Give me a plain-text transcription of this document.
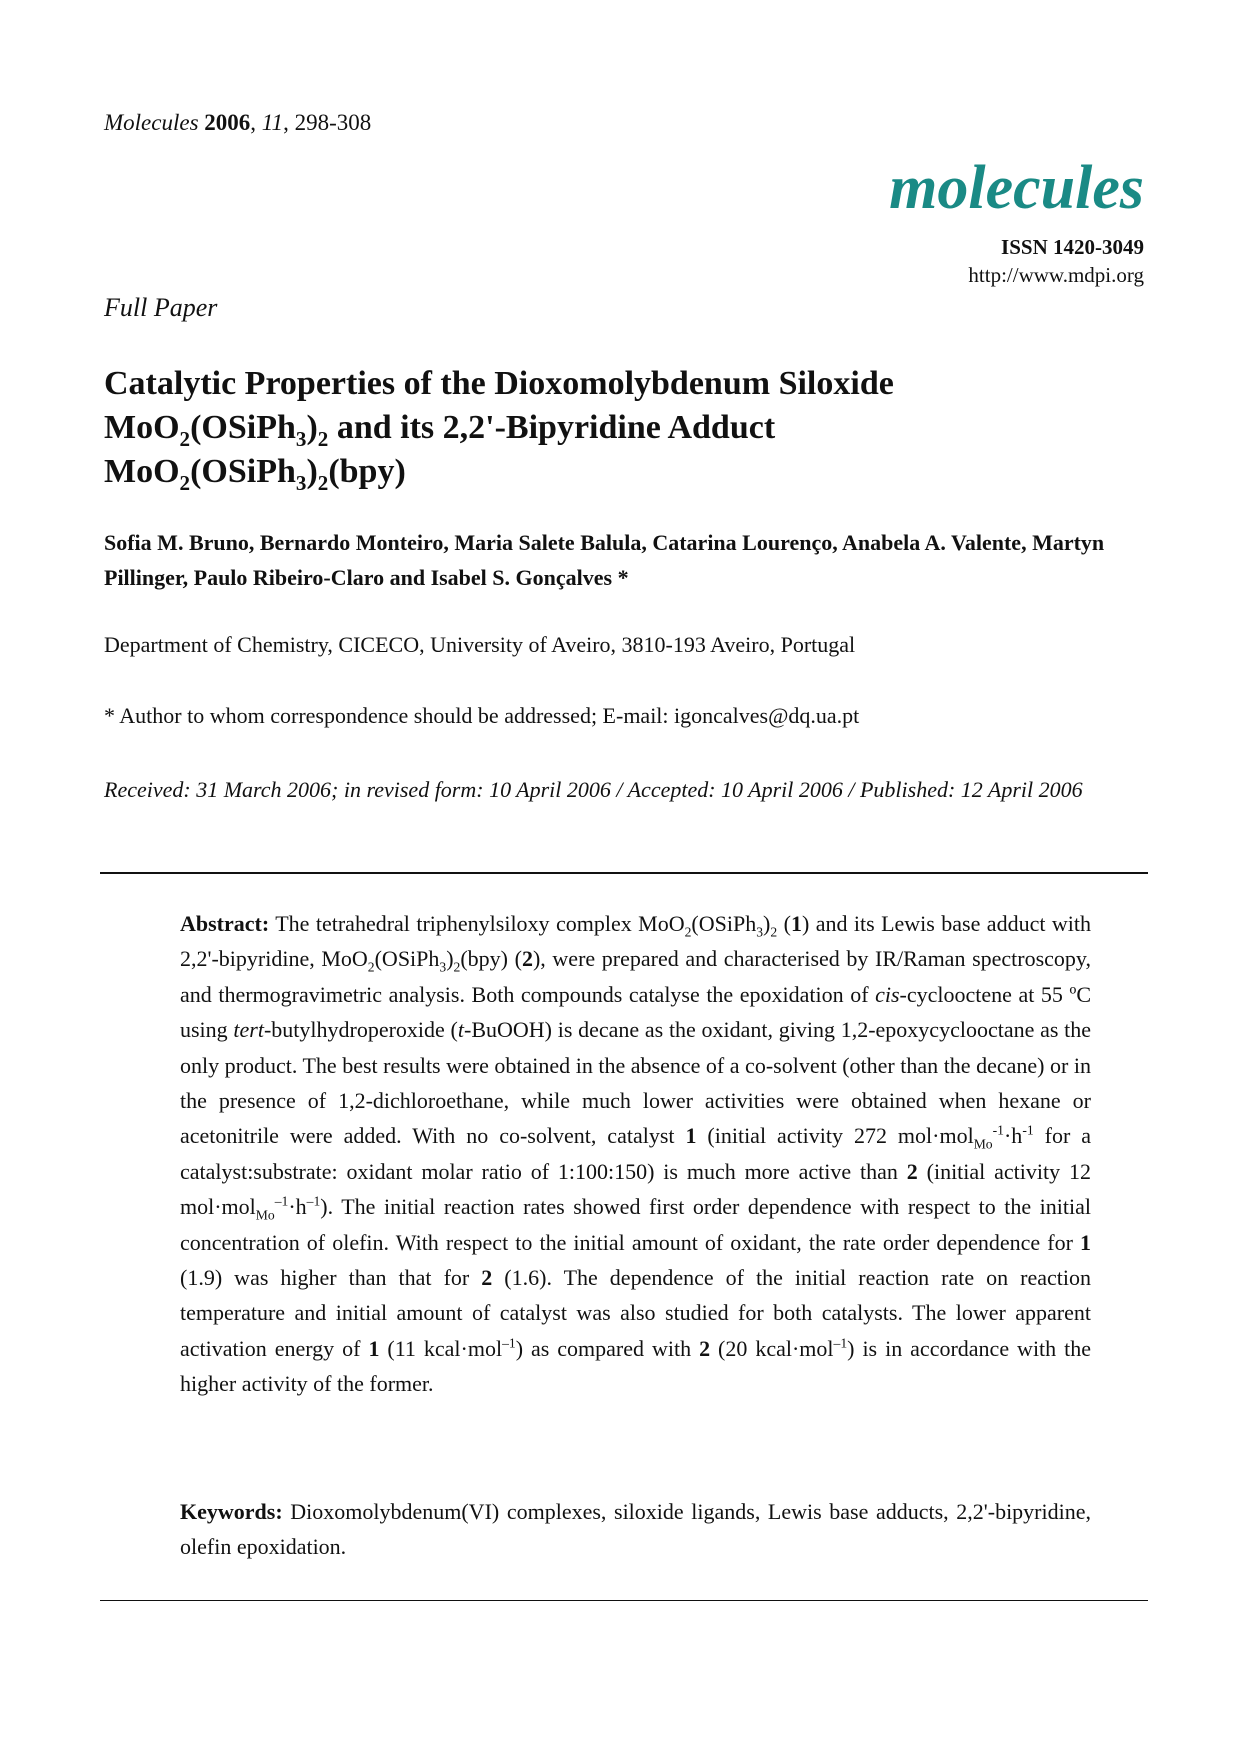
Molecules 2006, 11, 298-308
molecules
ISSN 1420-3049
http://www.mdpi.org
Full Paper
Catalytic Properties of the Dioxomolybdenum Siloxide
$MoO_2(OSiPh_3)_2$ and its 2,2'-Bipyridine Adduct
$MoO_2(OSiPh_3)_2(bpy)$
Sofia M. Bruno, Bernardo Monteiro, Maria Salete Balula, Catarina Lourenço, Anabela A. Valente, Martyn Pillinger, Paulo Ribeiro-Claro and Isabel S. Gonçalves *
Department of Chemistry, CICECO, University of Aveiro, 3810-193 Aveiro, Portugal
* Author to whom correspondence should be addressed; E-mail: igoncalves@dq.ua.pt
Received: 31 March 2006; in revised form: 10 April 2006 / Accepted: 10 April 2006 / Published: 12 April 2006
Abstract: The tetrahedral triphenylsiloxy complex $MoO_2(OSiPh_3)_2$ (1) and its Lewis base adduct with 2,2'-bipyridine, $MoO_2(OSiPh_3)_2(bpy)$ (2), were prepared and characterised by IR/Raman spectroscopy, and thermogravimetric analysis. Both compounds catalyse the epoxidation of cis-cyclooctene at 55 ºC using tert-butylhydroperoxide (t-BuOOH) is decane as the oxidant, giving 1,2-epoxycyclooctane as the only product. The best results were obtained in the absence of a co-solvent (other than the decane) or in the presence of 1,2-dichloroethane, while much lower activities were obtained when hexane or acetonitrile were added. With no co-solvent, catalyst 1 (initial activity 272 $mol\cdot mol_{Mo}^{-1}\cdot h^{-1}$ for a catalyst:substrate: oxidant molar ratio of 1:100:150) is much more active than 2 (initial activity 12 $mol\cdot mol_{Mo}^{-1}\cdot h^{-1}$). The initial reaction rates showed first order dependence with respect to the initial concentration of olefin. With respect to the initial amount of oxidant, the rate order dependence for 1 (1.9) was higher than that for 2 (1.6). The dependence of the initial reaction rate on reaction temperature and initial amount of catalyst was also studied for both catalysts. The lower apparent activation energy of 1 (11 kcal·mol$^{-1}$) as compared with 2 (20 kcal·mol$^{-1}$) is in accordance with the higher activity of the former.
Keywords: Dioxomolybdenum(VI) complexes, siloxide ligands, Lewis base adducts, 2,2'-bipyridine, olefin epoxidation.
